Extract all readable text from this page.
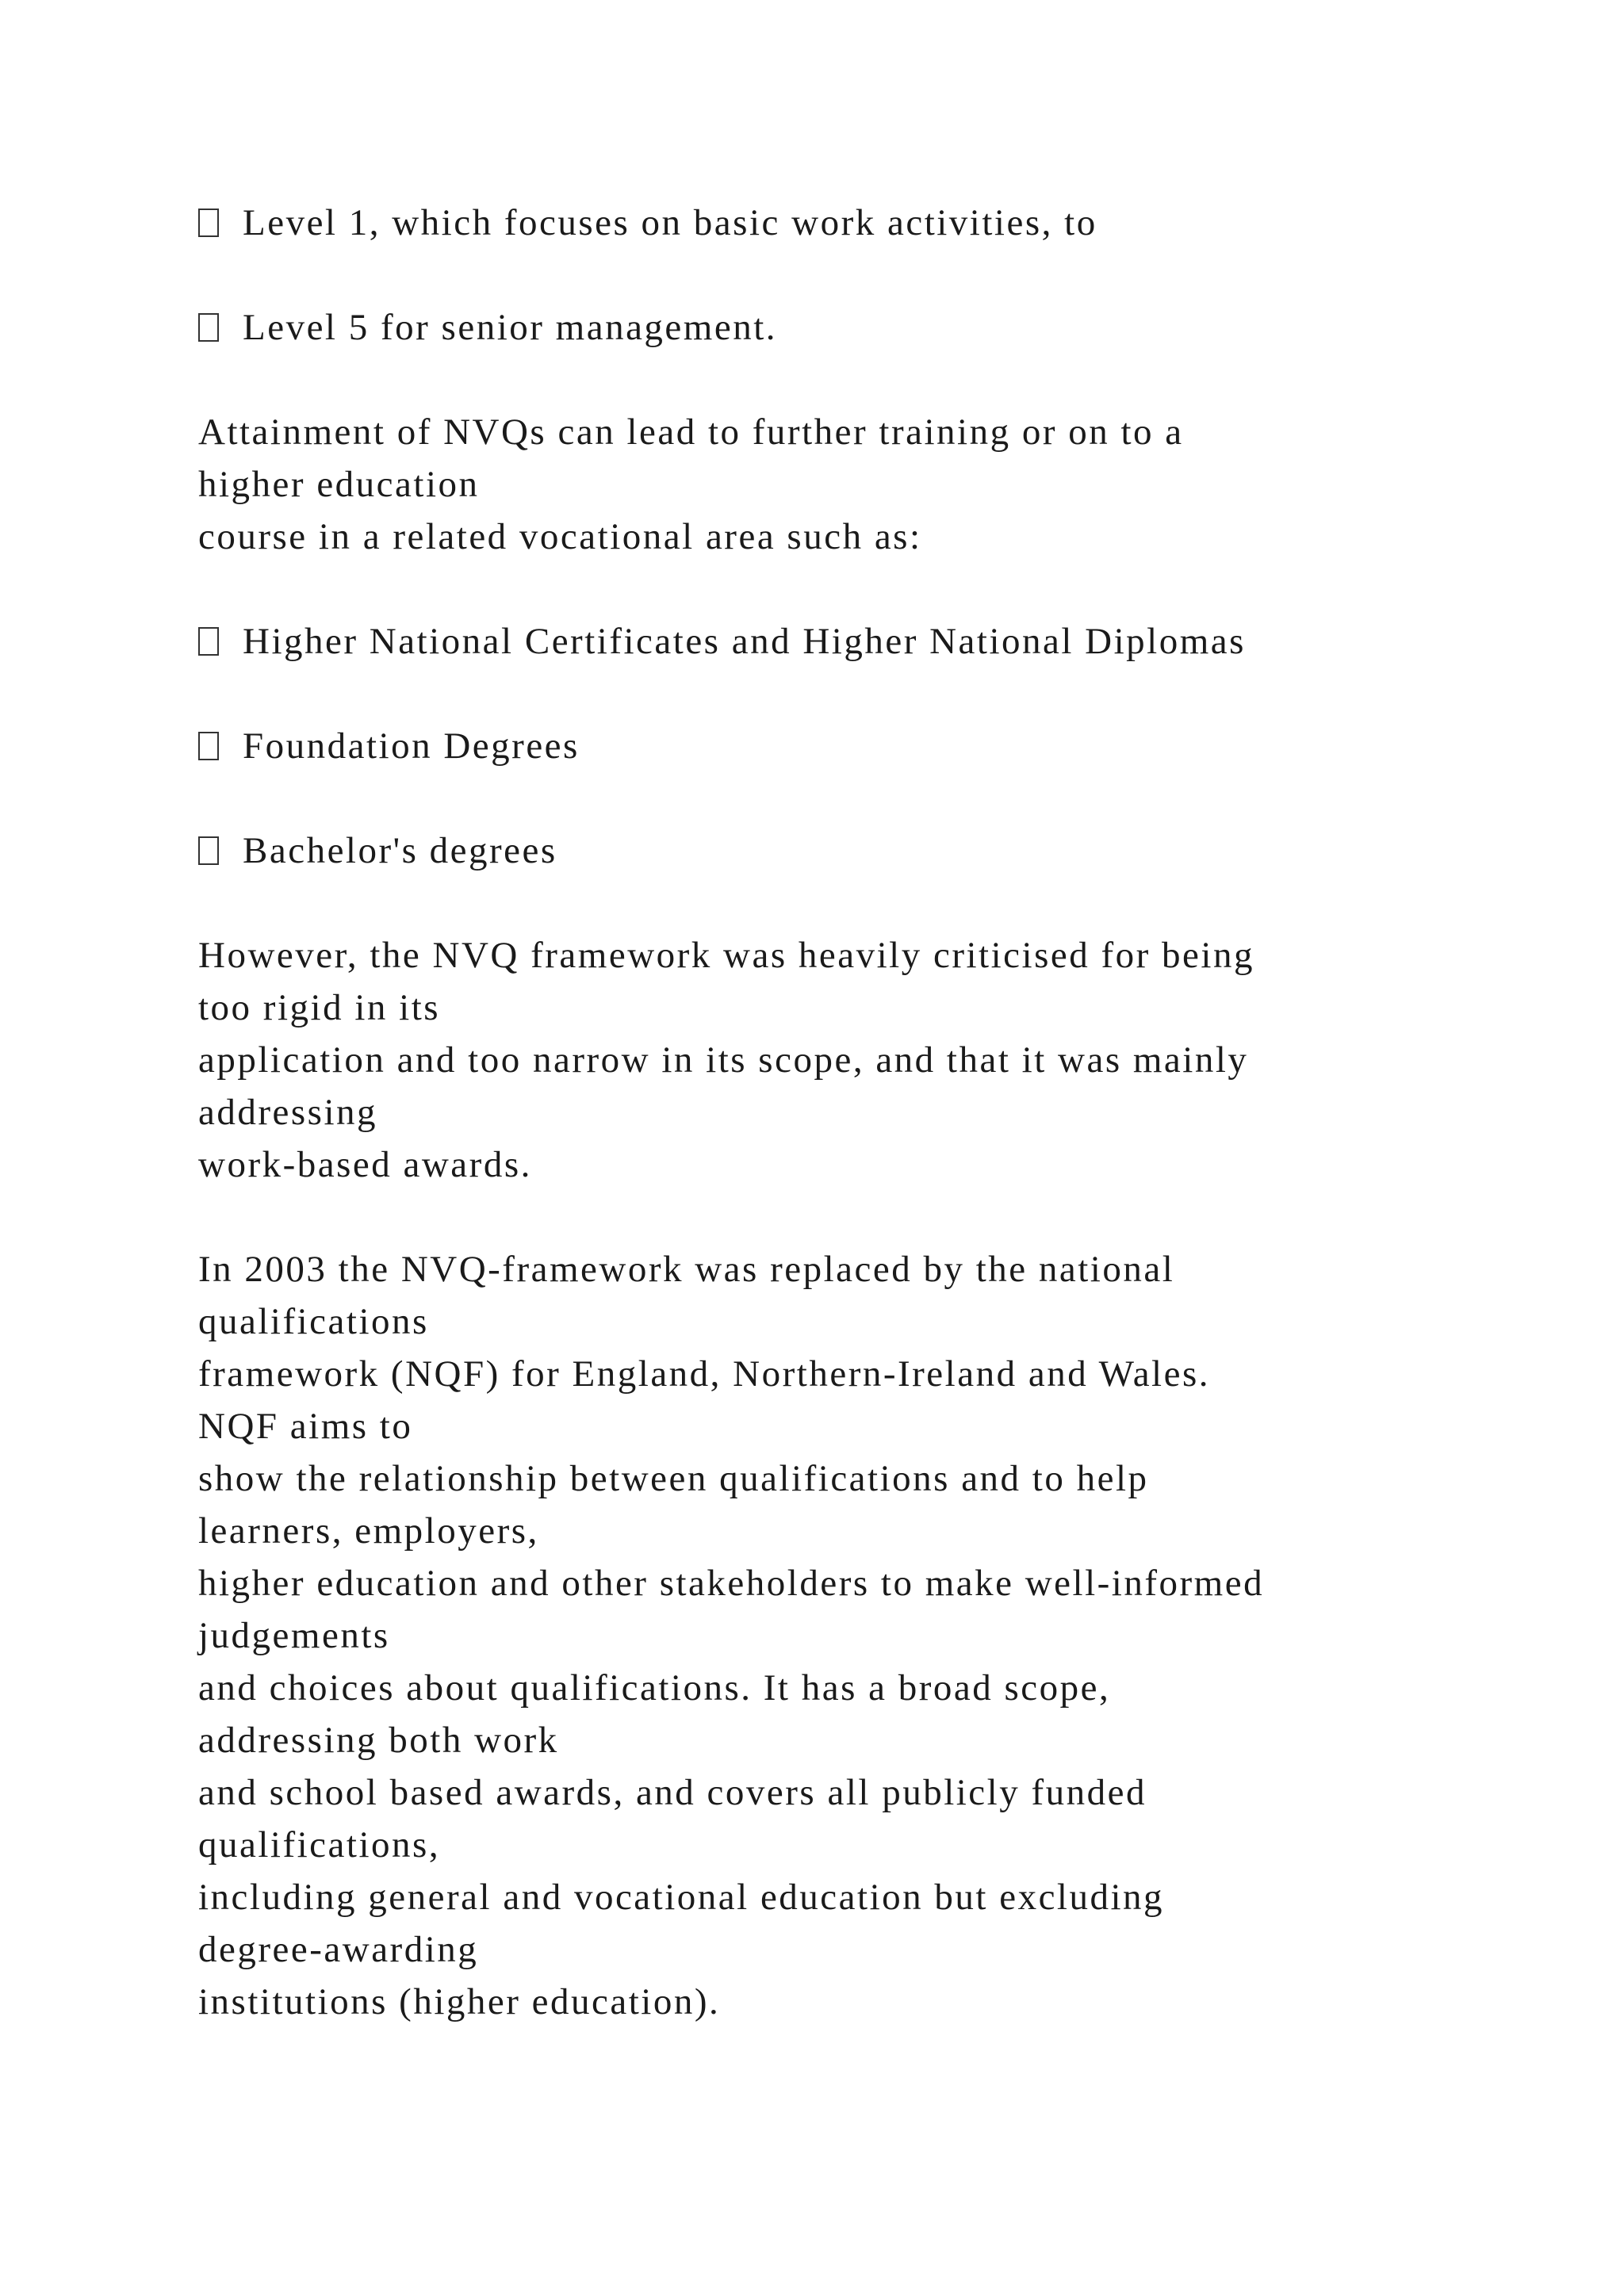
Level 1, which focuses on basic work activities, to
Level 5 for senior management.
Attainment of NVQs can lead to further training or on to a
higher education
course in a related vocational area such as:
Higher National Certificates and Higher National Diplomas
Foundation Degrees
Bachelor's degrees
However, the NVQ framework was heavily criticised for being
too rigid in its
application and too narrow in its scope, and that it was mainly
addressing
work-based awards.
In 2003 the NVQ-framework was replaced by the national
qualifications
framework (NQF) for England, Northern-Ireland and Wales.
NQF aims to
show the relationship between qualifications and to help
learners, employers,
higher education and other stakeholders to make well-informed
judgements
and choices about qualifications. It has a broad scope,
addressing both work
and school based awards, and covers all publicly funded
qualifications,
including general and vocational education but excluding
degree-awarding
institutions (higher education).
